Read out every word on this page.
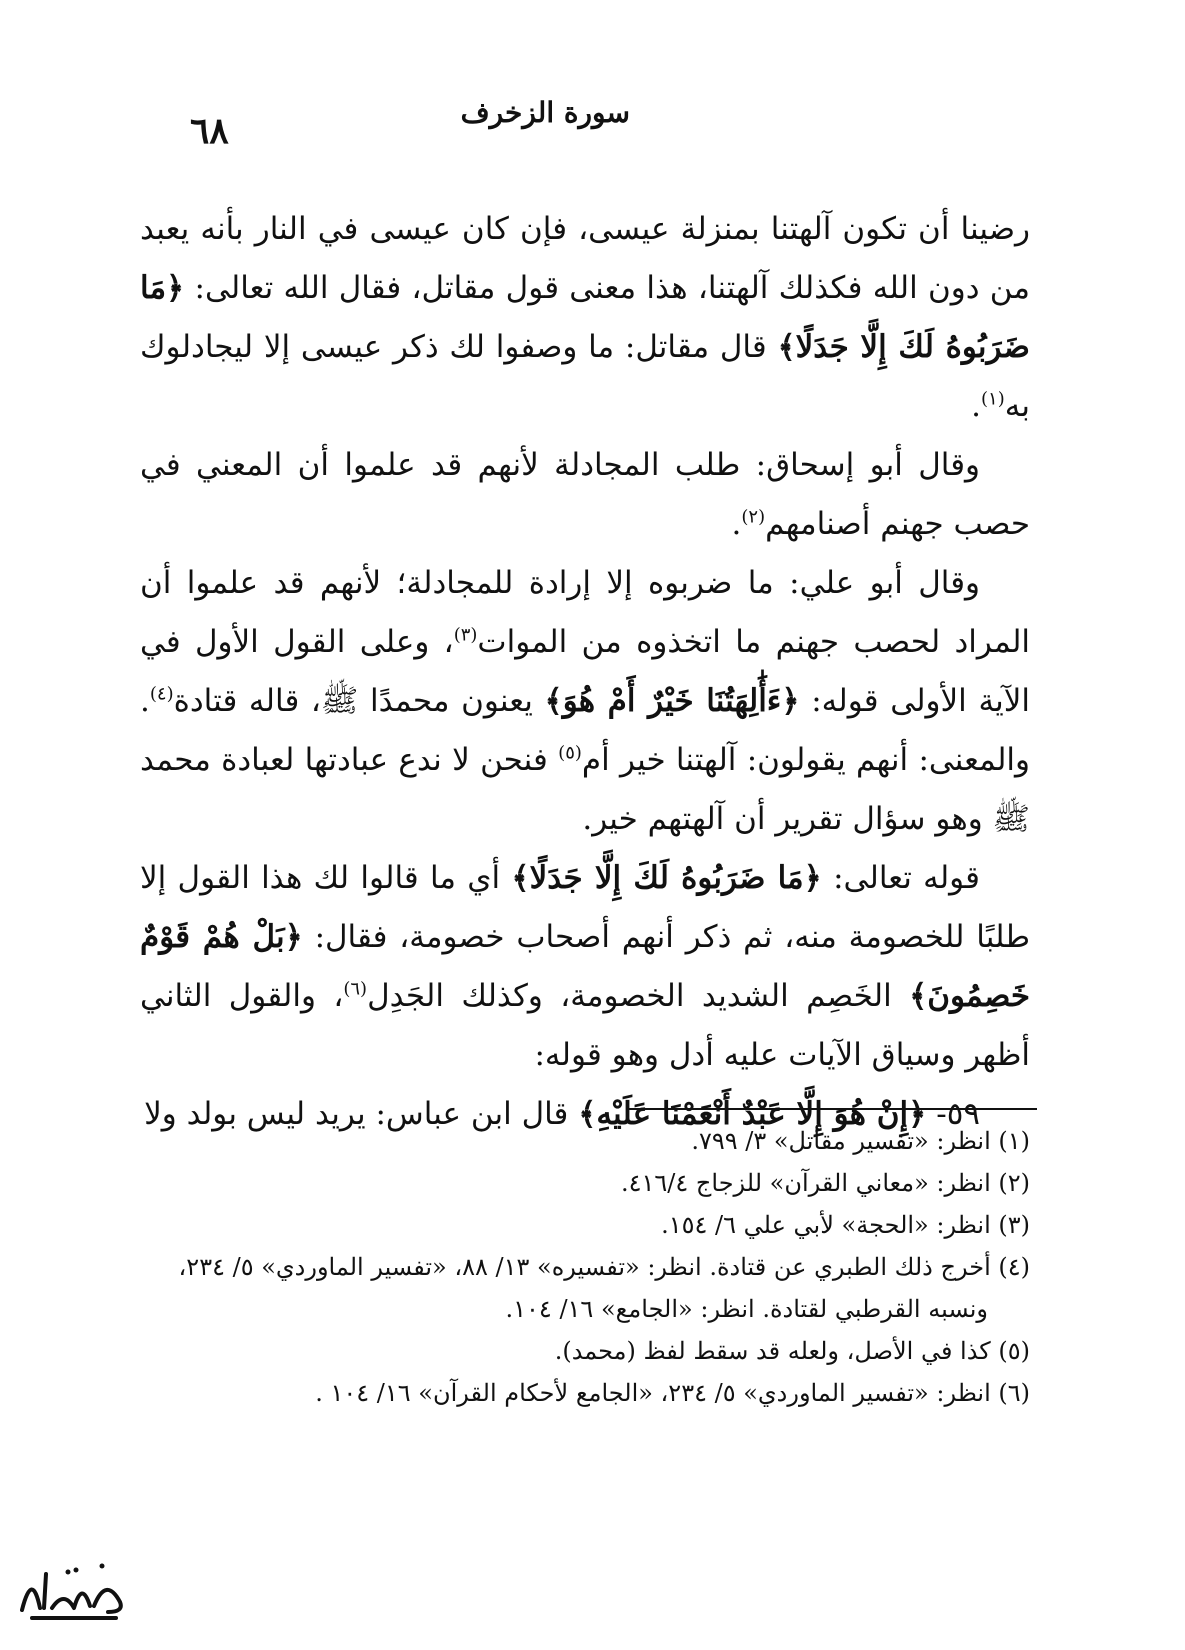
٦٨	سورة الزخرف

رضينا أن تكون آلهتنا بمنزلة عيسى، فإن كان عيسى في النار بأنه يعبد من دون الله فكذلك آلهتنا، هذا معنى قول مقاتل، فقال الله تعالى: ﴿مَا ضَرَبُوهُ لَكَ إِلَّا جَدَلًا﴾ قال مقاتل: ما وصفوا لك ذكر عيسى إلا ليجادلوك به$^{(١)}$.

وقال أبو إسحاق: طلب المجادلة لأنهم قد علموا أن المعني في حصب جهنم أصنامهم$^{(٢)}$.

وقال أبو علي: ما ضربوه إلا إرادة للمجادلة؛ لأنهم قد علموا أن المراد لحصب جهنم ما اتخذوه من الموات$^{(٣)}$، وعلى القول الأول في الآية الأولى قوله: ﴿ءَأَٰلِهَتُنَا خَيْرٌ أَمْ هُوَ﴾ يعنون محمدًا ﷺ، قاله قتادة$^{(٤)}$. والمعنى: أنهم يقولون: آلهتنا خير أم$^{(٥)}$ فنحن لا ندع عبادتها لعبادة محمد ﷺ وهو سؤال تقرير أن آلهتهم خير.

قوله تعالى: ﴿مَا ضَرَبُوهُ لَكَ إِلَّا جَدَلًا﴾ أي ما قالوا لك هذا القول إلا طلبًا للخصومة منه، ثم ذكر أنهم أصحاب خصومة، فقال: ﴿بَلْ هُمْ قَوْمٌ خَصِمُونَ﴾ الخَصِم الشديد الخصومة، وكذلك الجَدِل$^{(٦)}$، والقول الثاني أظهر وسياق الآيات عليه أدل وهو قوله:

٥٩- ﴿إِنْ هُوَ إِلَّا عَبْدٌ أَنْعَمْنَا عَلَيْهِ﴾ قال ابن عباس: يريد ليس بولد ولا

(١) انظر: «تفسير مقاتل» ٣/ ٧٩٩.

(٢) انظر: «معاني القرآن» للزجاج ٤١٦/٤.

(٣) انظر: «الحجة» لأبي علي ٦/ ١٥٤.

(٤) أخرج ذلك الطبري عن قتادة. انظر: «تفسيره» ١٣/ ٨٨، «تفسير الماوردي» ٥/ ٢٣٤، ونسبه القرطبي لقتادة. انظر: «الجامع» ١٦/ ١٠٤.

(٥) كذا في الأصل، ولعله قد سقط لفظ (محمد).

(٦) انظر: «تفسير الماوردي» ٥/ ٢٣٤، «الجامع لأحكام القرآن» ١٦/ ١٠٤ .
